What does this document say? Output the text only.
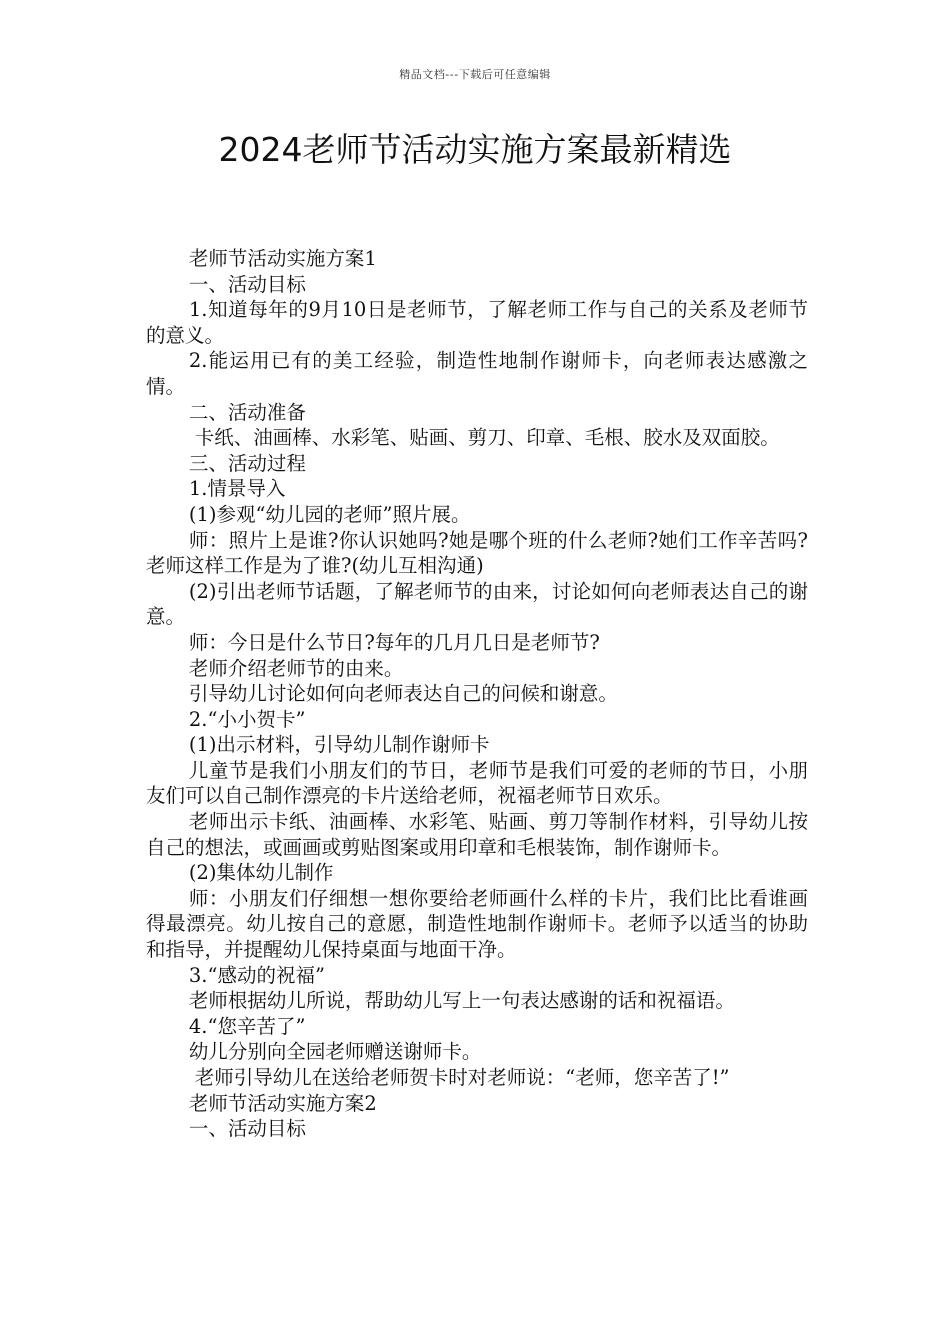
精品文档---下载后可任意编辑
2024老师节活动实施方案最新精选

老师节活动实施方案1

一、活动目标

1.知道每年的9月10日是老师节，了解老师工作与自己的关系及老师节的意义。

2.能运用已有的美工经验，制造性地制作谢师卡，向老师表达感激之情。

二、活动准备

卡纸、油画棒、水彩笔、贴画、剪刀、印章、毛根、胶水及双面胶。

三、活动过程

1.情景导入

(1)参观“幼儿园的老师”照片展。

师：照片上是谁?你认识她吗?她是哪个班的什么老师?她们工作辛苦吗?老师这样工作是为了谁?(幼儿互相沟通)

(2)引出老师节话题，了解老师节的由来，讨论如何向老师表达自己的谢意。

师：今日是什么节日?每年的几月几日是老师节?

老师介绍老师节的由来。

引导幼儿讨论如何向老师表达自己的问候和谢意。

2.“小小贺卡”

(1)出示材料，引导幼儿制作谢师卡

儿童节是我们小朋友们的节日，老师节是我们可爱的老师的节日，小朋友们可以自己制作漂亮的卡片送给老师，祝福老师节日欢乐。

老师出示卡纸、油画棒、水彩笔、贴画、剪刀等制作材料，引导幼儿按自己的想法，或画画或剪贴图案或用印章和毛根装饰，制作谢师卡。

(2)集体幼儿制作

师：小朋友们仔细想一想你要给老师画什么样的卡片，我们比比看谁画得最漂亮。幼儿按自己的意愿，制造性地制作谢师卡。老师予以适当的协助和指导，并提醒幼儿保持桌面与地面干净。

3.“感动的祝福”

老师根据幼儿所说，帮助幼儿写上一句表达感谢的话和祝福语。

4.“您辛苦了”

幼儿分别向全园老师赠送谢师卡。

老师引导幼儿在送给老师贺卡时对老师说：“老师，您辛苦了!”

老师节活动实施方案2

一、活动目标
